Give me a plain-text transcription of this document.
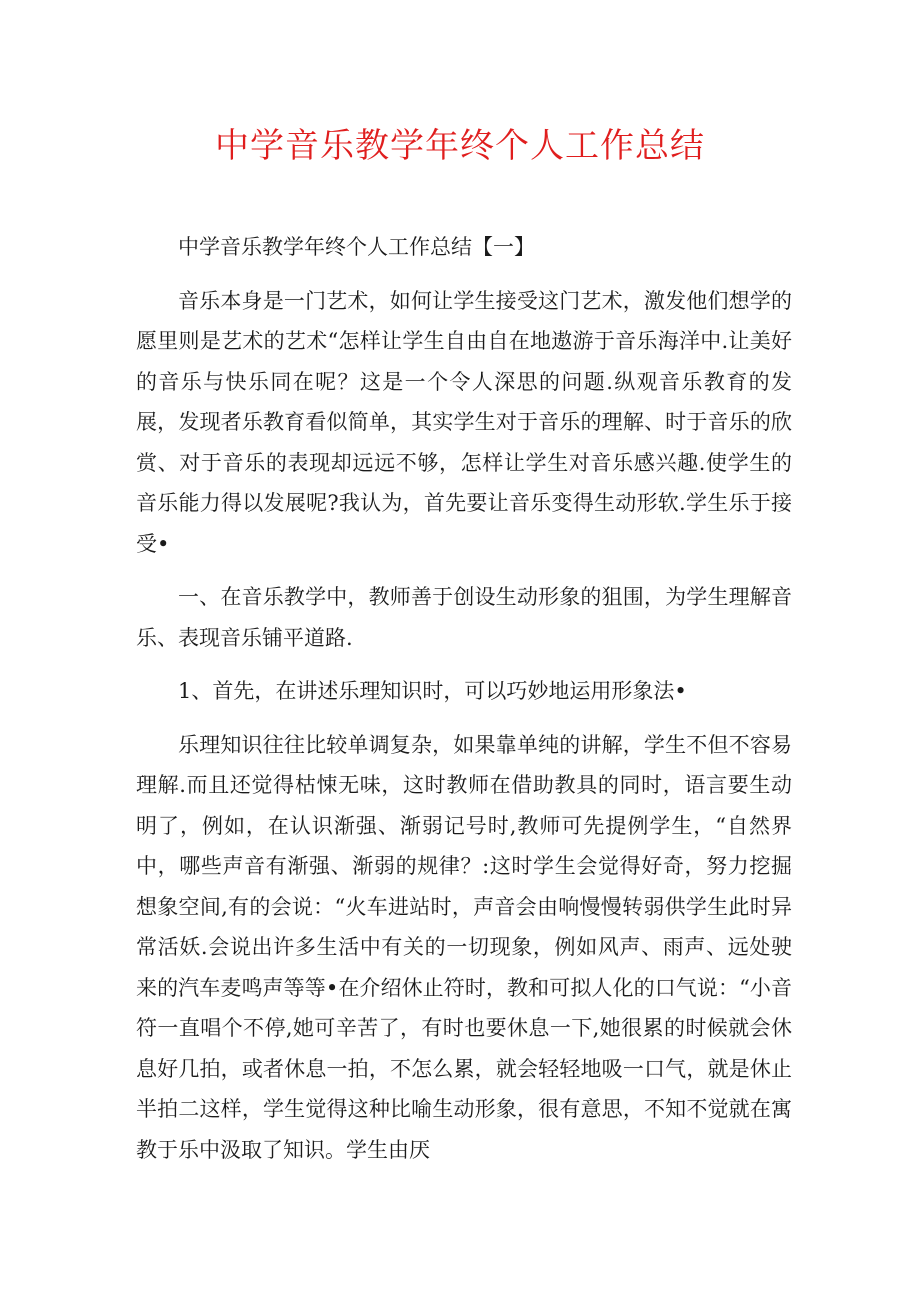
中学音乐教学年终个人工作总结

中学音乐教学年终个人工作总结【一】

音乐本身是一门艺术，如何让学生接受这门艺术，激发他们想学的愿里则是艺术的艺术“怎样让学生自由自在地遨游于音乐海洋中.让美好的音乐与快乐同在呢？这是一个令人深思的问题.纵观音乐教育的发展，发现者乐教育看似简单，其实学生对于音乐的理解、时于音乐的欣赏、对于音乐的表现却远远不够，怎样让学生对音乐感兴趣.使学生的音乐能力得以发展呢?我认为，首先要让音乐变得生动形软.学生乐于接受•

一、在音乐教学中，教师善于创设生动形象的狙围，为学生理解音乐、表现音乐铺平道路.

1、首先，在讲述乐理知识时，可以巧妙地运用形象法•

乐理知识往往比较单调复杂，如果靠单纯的讲解，学生不但不容易理解.而且还觉得枯悚无味，这时教师在借助教具的同时，语言要生动明了，例如，在认识渐强、渐弱记号时,教师可先提例学生，“自然界中，哪些声音有渐强、渐弱的规律？:这时学生会觉得好奇，努力挖掘想象空间,有的会说：“火车进站时，声音会由响慢慢转弱供学生此时异常活妖.会说出许多生活中有关的一切现象，例如风声、雨声、远处驶来的汽车麦鸣声等等•在介绍休止符时，教和可拟人化的口气说：“小音符一直唱个不停,她可辛苦了，有时也要休息一下,她很累的时候就会休息好几拍，或者休息一拍，不怎么累，就会轻轻地吸一口气，就是休止半拍二这样，学生觉得这种比喻生动形象，很有意思，不知不觉就在寓教于乐中汲取了知识。学生由厌
